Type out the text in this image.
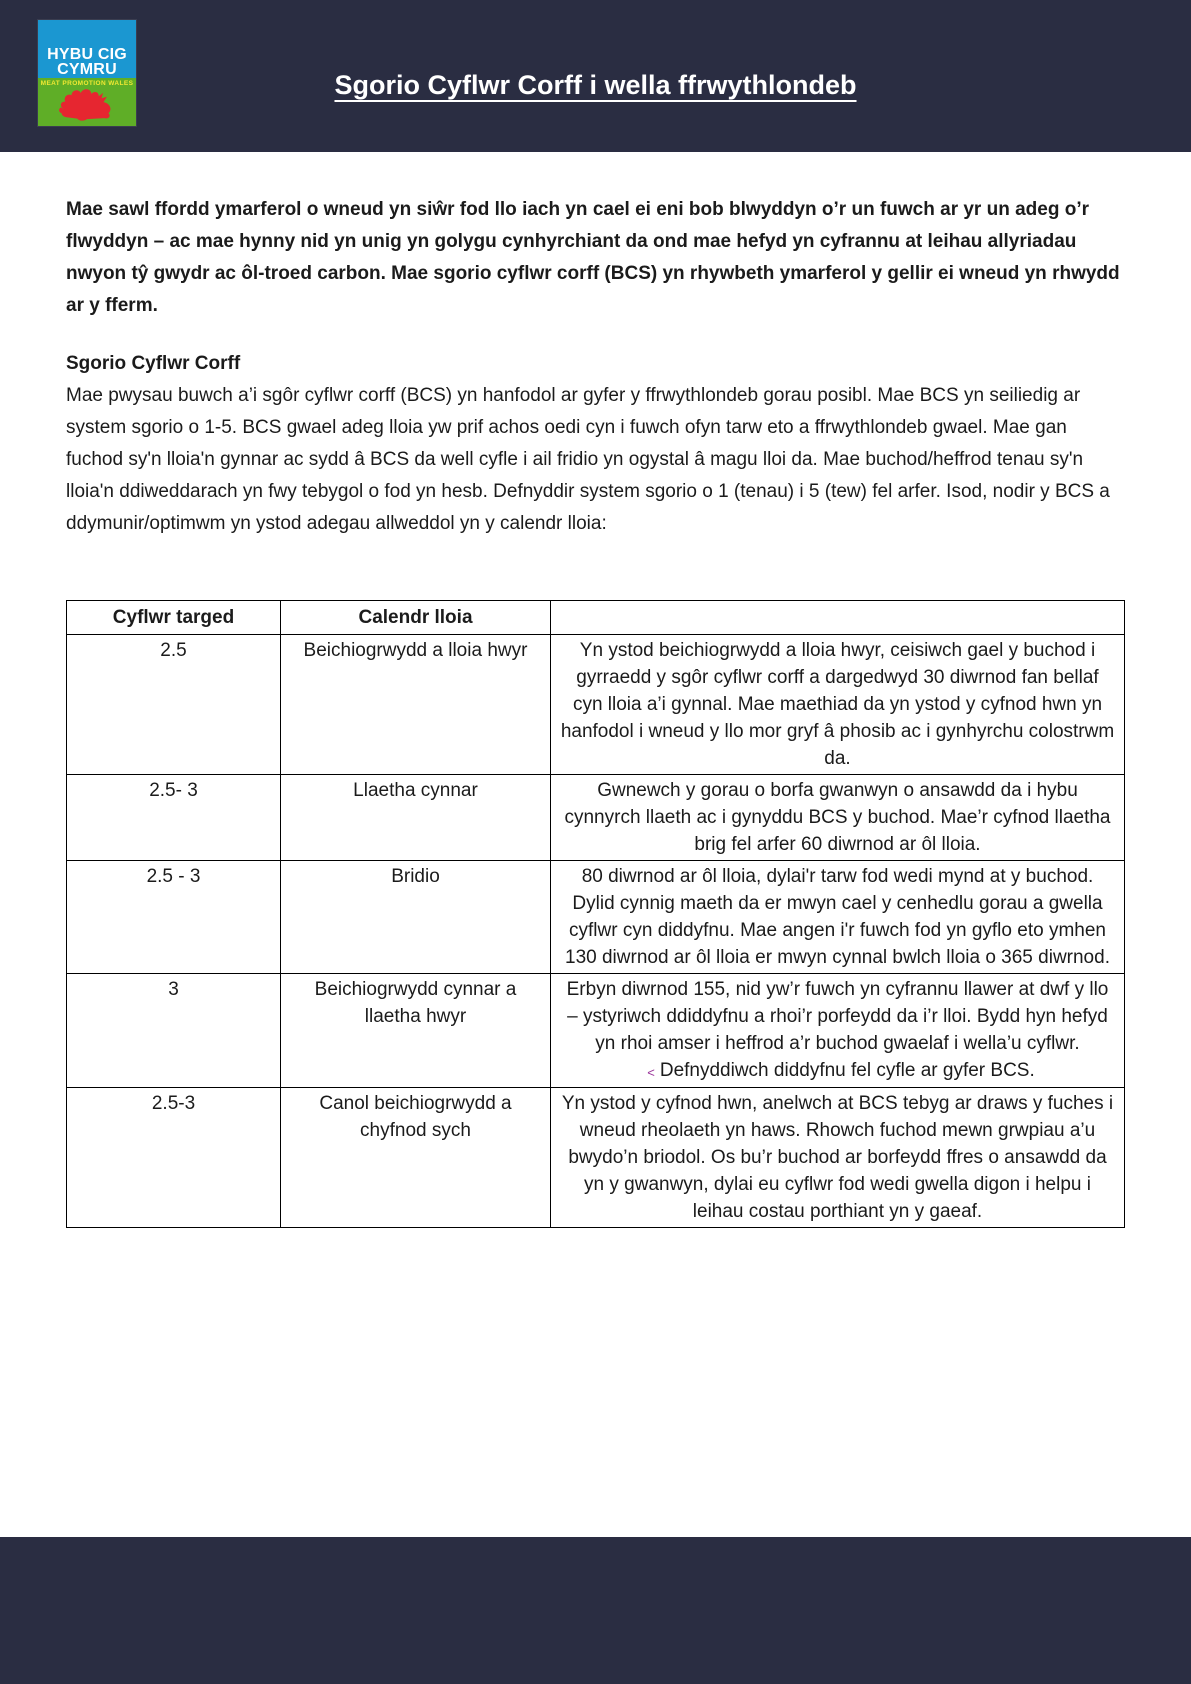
HYBU CIG
CYMRU
MEAT PROMOTION WALES	Sgorio Cyflwr Corff i wella ffrwythlondeb

Mae sawl ffordd ymarferol o wneud yn siŵr fod llo iach yn cael ei eni bob blwyddyn o’r un fuwch ar yr un adeg o’r flwyddyn – ac mae hynny nid yn unig yn golygu cynhyrchiant da ond mae hefyd yn cyfrannu at leihau allyriadau nwyon tŷ gwydr ac ôl-troed carbon. Mae sgorio cyflwr corff (BCS) yn rhywbeth ymarferol y gellir ei wneud yn rhwydd ar y fferm.

Sgorio Cyflwr Corff

Mae pwysau buwch a’i sgôr cyflwr corff (BCS) yn hanfodol ar gyfer y ffrwythlondeb gorau posibl. Mae BCS yn seiliedig ar system sgorio o 1-5. BCS gwael adeg lloia yw prif achos oedi cyn i fuwch ofyn tarw eto a ffrwythlondeb gwael. Mae gan fuchod sy'n lloia'n gynnar ac sydd â BCS da well cyfle i ail fridio yn ogystal â magu lloi da. Mae buchod/heffrod tenau sy'n lloia'n ddiweddarach yn fwy tebygol o fod yn hesb. Defnyddir system sgorio o 1 (tenau) i 5 (tew) fel arfer. Isod, nodir y BCS a ddymunir/optimwm yn ystod adegau allweddol yn y calendr lloia:

Cyflwr targed	Calendr lloia	
2.5	Beichiogrwydd a lloia hwyr	Yn ystod beichiogrwydd a lloia hwyr, ceisiwch gael y buchod i gyrraedd y sgôr cyflwr corff a dargedwyd 30 diwrnod fan bellaf cyn lloia a’i gynnal. Mae maethiad da yn ystod y cyfnod hwn yn hanfodol i wneud y llo mor gryf â phosib ac i gynhyrchu colostrwm da.
2.5- 3	Llaetha cynnar	Gwnewch y gorau o borfa gwanwyn o ansawdd da i hybu cynnyrch llaeth ac i gynyddu BCS y buchod. Mae’r cyfnod llaetha brig fel arfer 60 diwrnod ar ôl lloia.
2.5 - 3	Bridio	80 diwrnod ar ôl lloia, dylai'r tarw fod wedi mynd at y buchod. Dylid cynnig maeth da er mwyn cael y cenhedlu gorau a gwella cyflwr cyn diddyfnu. Mae angen i'r fuwch fod yn gyflo eto ymhen 130 diwrnod ar ôl lloia er mwyn cynnal bwlch lloia o 365 diwrnod.
3	Beichiogrwydd cynnar a llaetha hwyr	Erbyn diwrnod 155, nid yw’r fuwch yn cyfrannu llawer at dwf y llo – ystyriwch ddiddyfnu a rhoi’r porfeydd da i’r lloi. Bydd hyn hefyd yn rhoi amser i heffrod a’r buchod gwaelaf i wella’u cyflwr.< Defnyddiwch diddyfnu fel cyfle ar gyfer BCS.
2.5-3	Canol beichiogrwydd a chyfnod sych	Yn ystod y cyfnod hwn, anelwch at BCS tebyg ar draws y fuches i wneud rheolaeth yn haws. Rhowch fuchod mewn grwpiau a’u bwydo’n briodol. Os bu’r buchod ar borfeydd ffres o ansawdd da yn y gwanwyn, dylai eu cyflwr fod wedi gwella digon i helpu i leihau costau porthiant yn y gaeaf.
